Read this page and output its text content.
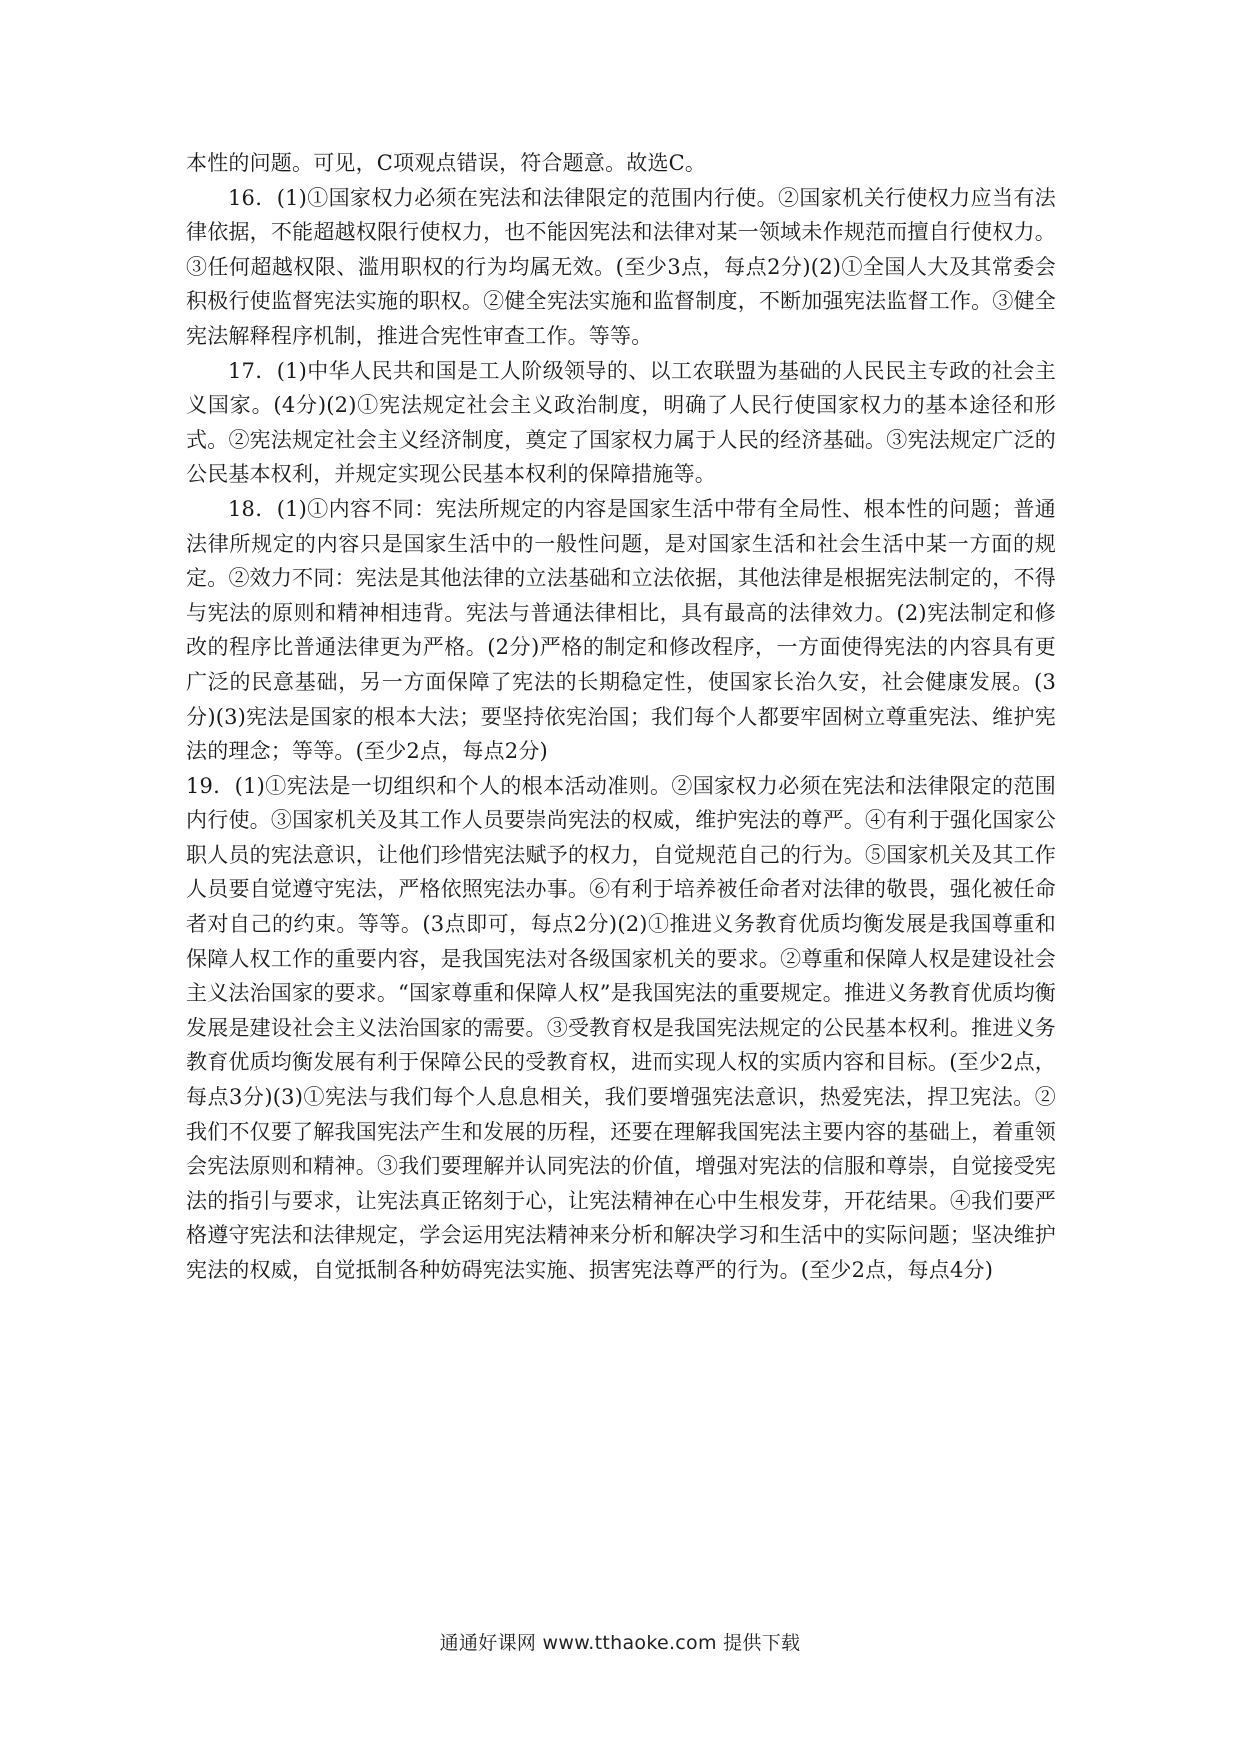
本性的问题。可见，C项观点错误，符合题意。故选C。

16．(1)①国家权力必须在宪法和法律限定的范围内行使。②国家机关行使权力应当有法律依据，不能超越权限行使权力，也不能因宪法和法律对某一领域未作规范而擅自行使权力。③任何超越权限、滥用职权的行为均属无效。(至少3点，每点2分)(2)①全国人大及其常委会积极行使监督宪法实施的职权。②健全宪法实施和监督制度，不断加强宪法监督工作。③健全宪法解释程序机制，推进合宪性审查工作。等等。

17．(1)中华人民共和国是工人阶级领导的、以工农联盟为基础的人民民主专政的社会主义国家。(4分)(2)①宪法规定社会主义政治制度，明确了人民行使国家权力的基本途径和形式。②宪法规定社会主义经济制度，奠定了国家权力属于人民的经济基础。③宪法规定广泛的公民基本权利，并规定实现公民基本权利的保障措施等。

18．(1)①内容不同：宪法所规定的内容是国家生活中带有全局性、根本性的问题；普通法律所规定的内容只是国家生活中的一般性问题，是对国家生活和社会生活中某一方面的规定。②效力不同：宪法是其他法律的立法基础和立法依据，其他法律是根据宪法制定的，不得与宪法的原则和精神相违背。宪法与普通法律相比，具有最高的法律效力。(2)宪法制定和修改的程序比普通法律更为严格。(2分)严格的制定和修改程序，一方面使得宪法的内容具有更广泛的民意基础，另一方面保障了宪法的长期稳定性，使国家长治久安，社会健康发展。(3分)(3)宪法是国家的根本大法；要坚持依宪治国；我们每个人都要牢固树立尊重宪法、维护宪法的理念；等等。(至少2点，每点2分)

19．(1)①宪法是一切组织和个人的根本活动准则。②国家权力必须在宪法和法律限定的范围内行使。③国家机关及其工作人员要崇尚宪法的权威，维护宪法的尊严。④有利于强化国家公职人员的宪法意识，让他们珍惜宪法赋予的权力，自觉规范自己的行为。⑤国家机关及其工作人员要自觉遵守宪法，严格依照宪法办事。⑥有利于培养被任命者对法律的敬畏，强化被任命者对自己的约束。等等。(3点即可，每点2分)(2)①推进义务教育优质均衡发展是我国尊重和保障人权工作的重要内容，是我国宪法对各级国家机关的要求。②尊重和保障人权是建设社会主义法治国家的要求。“国家尊重和保障人权”是我国宪法的重要规定。推进义务教育优质均衡发展是建设社会主义法治国家的需要。③受教育权是我国宪法规定的公民基本权利。推进义务教育优质均衡发展有利于保障公民的受教育权，进而实现人权的实质内容和目标。(至少2点，每点3分)(3)①宪法与我们每个人息息相关，我们要增强宪法意识，热爱宪法，捍卫宪法。②我们不仅要了解我国宪法产生和发展的历程，还要在理解我国宪法主要内容的基础上，着重领会宪法原则和精神。③我们要理解并认同宪法的价值，增强对宪法的信服和尊崇，自觉接受宪法的指引与要求，让宪法真正铭刻于心，让宪法精神在心中生根发芽，开花结果。④我们要严格遵守宪法和法律规定，学会运用宪法精神来分析和解决学习和生活中的实际问题；坚决维护宪法的权威，自觉抵制各种妨碍宪法实施、损害宪法尊严的行为。(至少2点，每点4分)

通通好课网 www.tthaoke.com 提供下载
